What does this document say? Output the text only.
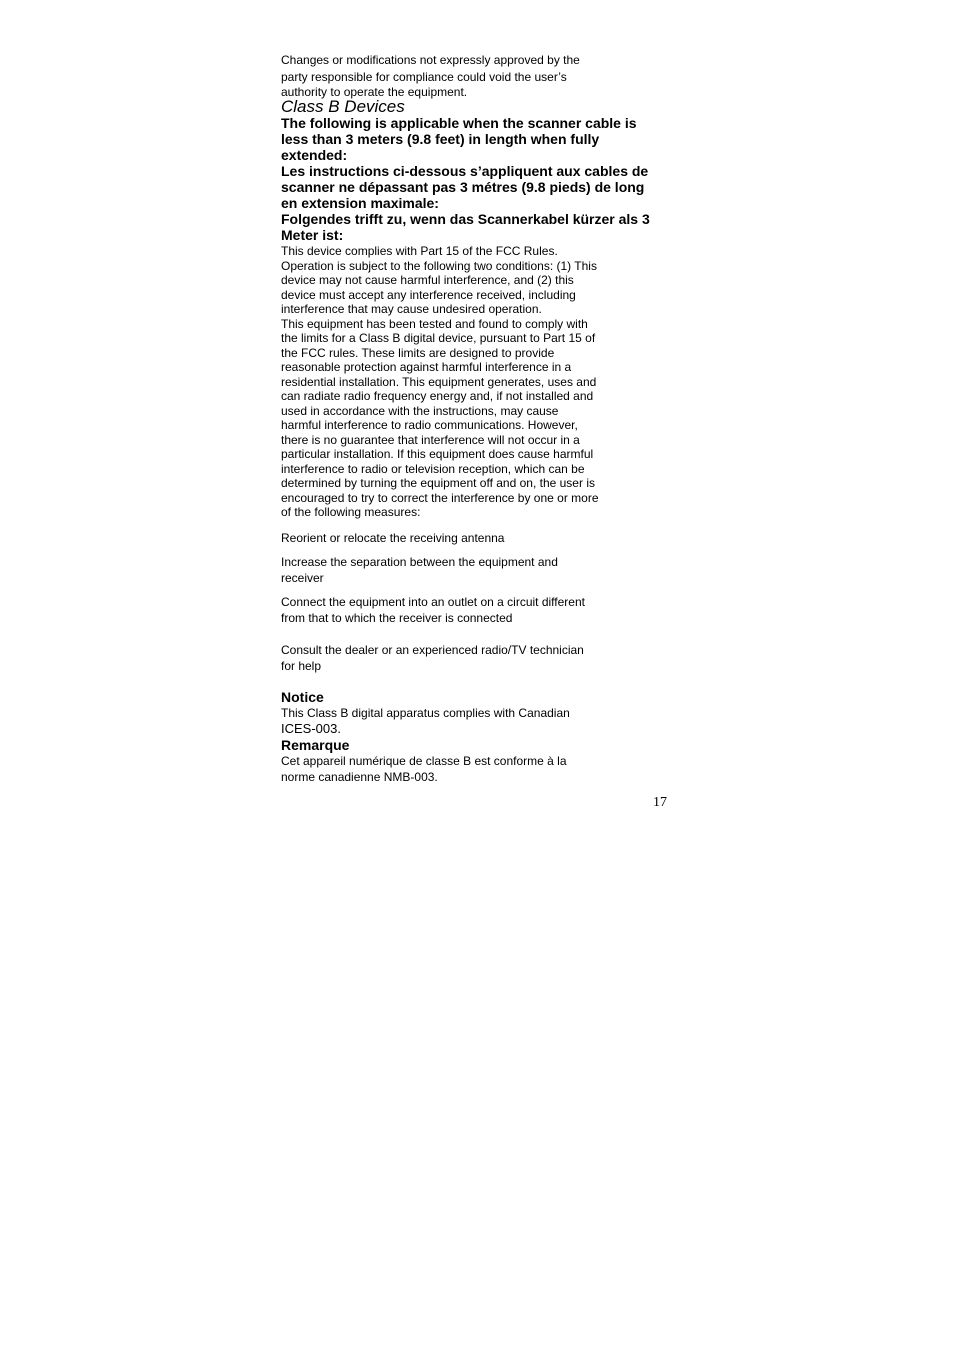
Changes or modifications not expressly approved by the
party responsible for compliance could void the user’s
authority to operate the equipment.
Class B Devices
The following is applicable when the scanner cable is
less than 3 meters (9.8 feet) in length when fully
extended:
Les instructions ci-dessous s’appliquent aux cables de
scanner ne dépassant pas 3 métres (9.8 pieds) de long
en extension maximale:
Folgendes trifft zu, wenn das Scannerkabel kürzer als 3
Meter ist:
This device complies with Part 15 of the FCC Rules.
Operation is subject to the following two conditions: (1) This
device may not cause harmful interference, and (2) this
device must accept any interference received, including
interference that may cause undesired operation.
This equipment has been tested and found to comply with
the limits for a Class B digital device, pursuant to Part 15 of
the FCC rules. These limits are designed to provide
reasonable protection against harmful interference in a
residential installation. This equipment generates, uses and
can radiate radio frequency energy and, if not installed and
used in accordance with the instructions, may cause
harmful interference to radio communications. However,
there is no guarantee that interference will not occur in a
particular installation. If this equipment does cause harmful
interference to radio or television reception, which can be
determined by turning the equipment off and on, the user is
encouraged to try to correct the interference by one or more
of the following measures:
Reorient or relocate the receiving antenna
Increase the separation between the equipment and
receiver
Connect the equipment into an outlet on a circuit different
from that to which the receiver is connected
Consult the dealer or an experienced radio/TV technician
for help
Notice
This Class B digital apparatus complies with Canadian
ICES-003.
Remarque
Cet appareil numérique de classe B est conforme à la
norme canadienne NMB-003.
17
